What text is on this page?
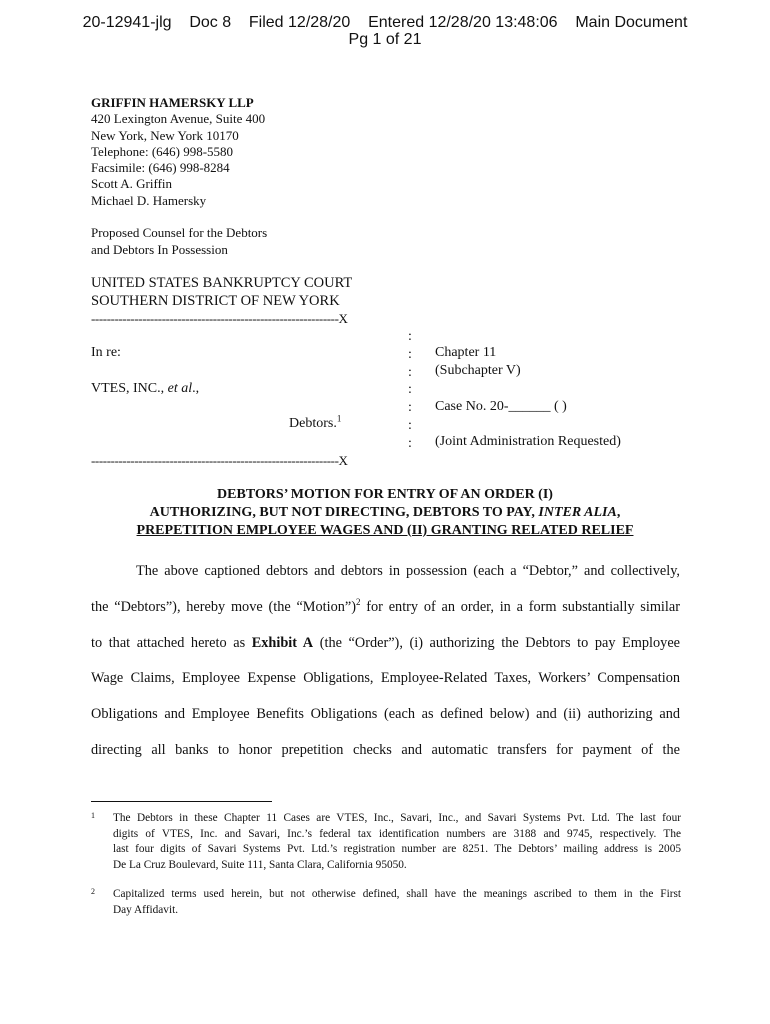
20-12941-jlg    Doc 8    Filed 12/28/20    Entered 12/28/20 13:48:06    Main Document
Pg 1 of 21
GRIFFIN HAMERSKY LLP
420 Lexington Avenue, Suite 400
New York, New York 10170
Telephone: (646) 998-5580
Facsimile: (646) 998-8284
Scott A. Griffin
Michael D. Hamersky
Proposed Counsel for the Debtors
and Debtors In Possession
UNITED STATES BANKRUPTCY COURT
SOUTHERN DISTRICT OF NEW YORK
---------------------------------------------------------------X
:
:
:
:
:
:
:
In re:
VTES, INC., et al.,
Debtors.$^1$
Chapter 11
(Subchapter V)
Case No. 20-______ ( )
(Joint Administration Requested)
---------------------------------------------------------------X
DEBTORS’ MOTION FOR ENTRY OF AN ORDER (I)
AUTHORIZING, BUT NOT DIRECTING, DEBTORS TO PAY, INTER ALIA,
PREPETITION EMPLOYEE WAGES AND (II) GRANTING RELATED RELIEF
The above captioned debtors and debtors in possession (each a “Debtor,” and collectively,
the “Debtors”), hereby move (the “Motion”)$^2$ for entry of an order, in a form substantially similar
to that attached hereto as Exhibit A (the “Order”), (i) authorizing the Debtors to pay Employee
Wage Claims, Employee Expense Obligations, Employee-Related Taxes, Workers’ Compensation
Obligations and Employee Benefits Obligations (each as defined below) and (ii) authorizing and
directing all banks to honor prepetition checks and automatic transfers for payment of the
1 The Debtors in these Chapter 11 Cases are VTES, Inc., Savari, Inc., and Savari Systems Pvt. Ltd. The last four
digits of VTES, Inc. and Savari, Inc.’s federal tax identification numbers are 3188 and 9745, respectively. The
last four digits of Savari Systems Pvt. Ltd.’s registration number are 8251. The Debtors’ mailing address is 2005
De La Cruz Boulevard, Suite 111, Santa Clara, California 95050.
2 Capitalized terms used herein, but not otherwise defined, shall have the meanings ascribed to them in the First
Day Affidavit.
